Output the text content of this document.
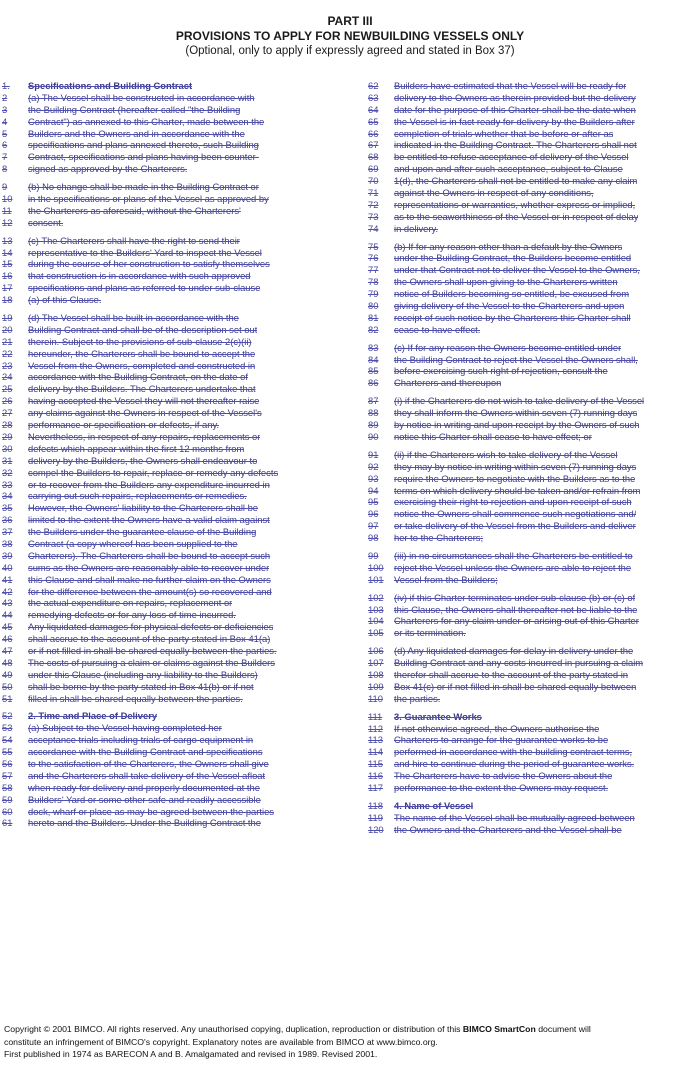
PART III
PROVISIONS TO APPLY FOR NEWBUILDING VESSELS ONLY
(Optional, only to apply if expressly agreed and stated in Box 37)
1.	Specifications and Building Contract
2	(a) The Vessel shall be constructed in accordance with
3	the Building Contract (hereafter called "the Building
4	Contract") as annexed to this Charter, made between the
5	Builders and the Owners and in accordance with the
6	specifications and plans annexed thereto, such Building
7	Contract, specifications and plans having been counter-
8	signed as approved by the Charterers.
9	(b) No change shall be made in the Building Contract or
10	in the specifications or plans of the Vessel as approved by
11	the Charterers as aforesaid, without the Charterers'
12	consent.
13	(c) The Charterers shall have the right to send their
14	representative to the Builders' Yard to inspect the Vessel
15	during the course of her construction to satisfy themselves
16	that construction is in accordance with such approved
17	specifications and plans as referred to under sub-clause
18	(a) of this Clause.
19	(d) The Vessel shall be built in accordance with the
20	Building Contract and shall be of the description set out
21	therein. Subject to the provisions of sub-clause 2(c)(ii)
22	hereunder, the Charterers shall be bound to accept the
23	Vessel from the Owners, completed and constructed in
24	accordance with the Building Contract, on the date of
25	delivery by the Builders. The Charterers undertake that
26	having accepted the Vessel they will not thereafter raise
27	any claims against the Owners in respect of the Vessel's
28	performance or specification or defects, if any.
29	Nevertheless, in respect of any repairs, replacements or
30	defects which appear within the first 12 months from
31	delivery by the Builders, the Owners shall endeavour to
32	compel the Builders to repair, replace or remedy any defects
33	or to recover from the Builders any expenditure incurred in
34	carrying out such repairs, replacements or remedies.
35	However, the Owners' liability to the Charterers shall be
36	limited to the extent the Owners have a valid claim against
37	the Builders under the guarantee clause of the Building
38	Contract (a copy whereof has been supplied to the
39	Charterers). The Charterers shall be bound to accept such
40	sums as the Owners are reasonably able to recover under
41	this Clause and shall make no further claim on the Owners
42	for the difference between the amount(s) so recovered and
43	the actual expenditure on repairs, replacement or
44	remedying defects or for any loss of time incurred.
45	Any liquidated damages for physical defects or deficiencies
46	shall accrue to the account of the party stated in Box 41(a)
47	or if not filled in shall be shared equally between the parties.
48	The costs of pursuing a claim or claims against the Builders
49	under this Clause (including any liability to the Builders)
50	shall be borne by the party stated in Box 41(b) or if not
51	filled in shall be shared equally between the parties.
52	2. Time and Place of Delivery
53	(a) Subject to the Vessel having completed her
54	acceptance trials including trials of cargo equipment in
55	accordance with the Building Contract and specifications
56	to the satisfaction of the Charterers, the Owners shall give
57	and the Charterers shall take delivery of the Vessel afloat
58	when ready for delivery and properly documented at the
59	Builders' Yard or some other safe and readily accessible
60	dock, wharf or place as may be agreed between the parties
61	hereto and the Builders. Under the Building Contract the
62	Builders have estimated that the Vessel will be ready for
63	delivery to the Owners as therein provided but the delivery
64	date for the purpose of this Charter shall be the date when
65	the Vessel is in fact ready for delivery by the Builders after
66	completion of trials whether that be before or after as
67	indicated in the Building Contract. The Charterers shall not
68	be entitled to refuse acceptance of delivery of the Vessel
69	and upon and after such acceptance, subject to Clause
70	1(d), the Charterers shall not be entitled to make any claim
71	against the Owners in respect of any conditions,
72	representations or warranties, whether express or implied,
73	as to the seaworthiness of the Vessel or in respect of delay
74	in delivery.
75	(b) If for any reason other than a default by the Owners
76	under the Building Contract, the Builders become entitled
77	under that Contract not to deliver the Vessel to the Owners,
78	the Owners shall upon giving to the Charterers written
79	notice of Builders becoming so entitled, be excused from
80	giving delivery of the Vessel to the Charterers and upon
81	receipt of such notice by the Charterers this Charter shall
82	cease to have effect.
83	(c) If for any reason the Owners become entitled under
84	the Building Contract to reject the Vessel the Owners shall,
85	before exercising such right of rejection, consult the
86	Charterers and thereupon
87	(i) if the Charterers do not wish to take delivery of the Vessel
88	they shall inform the Owners within seven (7) running days
89	by notice in writing and upon receipt by the Owners of such
90	notice this Charter shall cease to have effect; or
91	(ii) if the Charterers wish to take delivery of the Vessel
92	they may by notice in writing within seven (7) running days
93	require the Owners to negotiate with the Builders as to the
94	terms on which delivery should be taken and/or refrain from
95	exercising their right to rejection and upon receipt of such
96	notice the Owners shall commence such negotiations and/
97	or take delivery of the Vessel from the Builders and deliver
98	her to the Charterers;
99	(iii) in no circumstances shall the Charterers be entitled to
100	reject the Vessel unless the Owners are able to reject the
101	Vessel from the Builders;
102	(iv) if this Charter terminates under sub-clause (b) or (c) of
103	this Clause, the Owners shall thereafter not be liable to the
104	Charterers for any claim under or arising out of this Charter
105	or its termination.
106	(d) Any liquidated damages for delay in delivery under the
107	Building Contract and any costs incurred in pursuing a claim
108	therefor shall accrue to the account of the party stated in
109	Box 41(c) or if not filled in shall be shared equally between
110	the parties.
111	3. Guarantee Works
112	If not otherwise agreed, the Owners authorise the
113	Charterers to arrange for the guarantee works to be
114	performed in accordance with the building contract terms,
115	and hire to continue during the period of guarantee works.
116	The Charterers have to advise the Owners about the
117	performance to the extent the Owners may request.
118	4. Name of Vessel
119	The name of the Vessel shall be mutually agreed between
120	the Owners and the Charterers and the Vessel shall be
Copyright © 2001 BIMCO. All rights reserved. Any unauthorised copying, duplication, reproduction or distribution of this BIMCO SmartCon document will
constitute an infringement of BIMCO's copyright. Explanatory notes are available from BIMCO at www.bimco.org.
First published in 1974 as BARECON A and B. Amalgamated and revised in 1989. Revised 2001.
